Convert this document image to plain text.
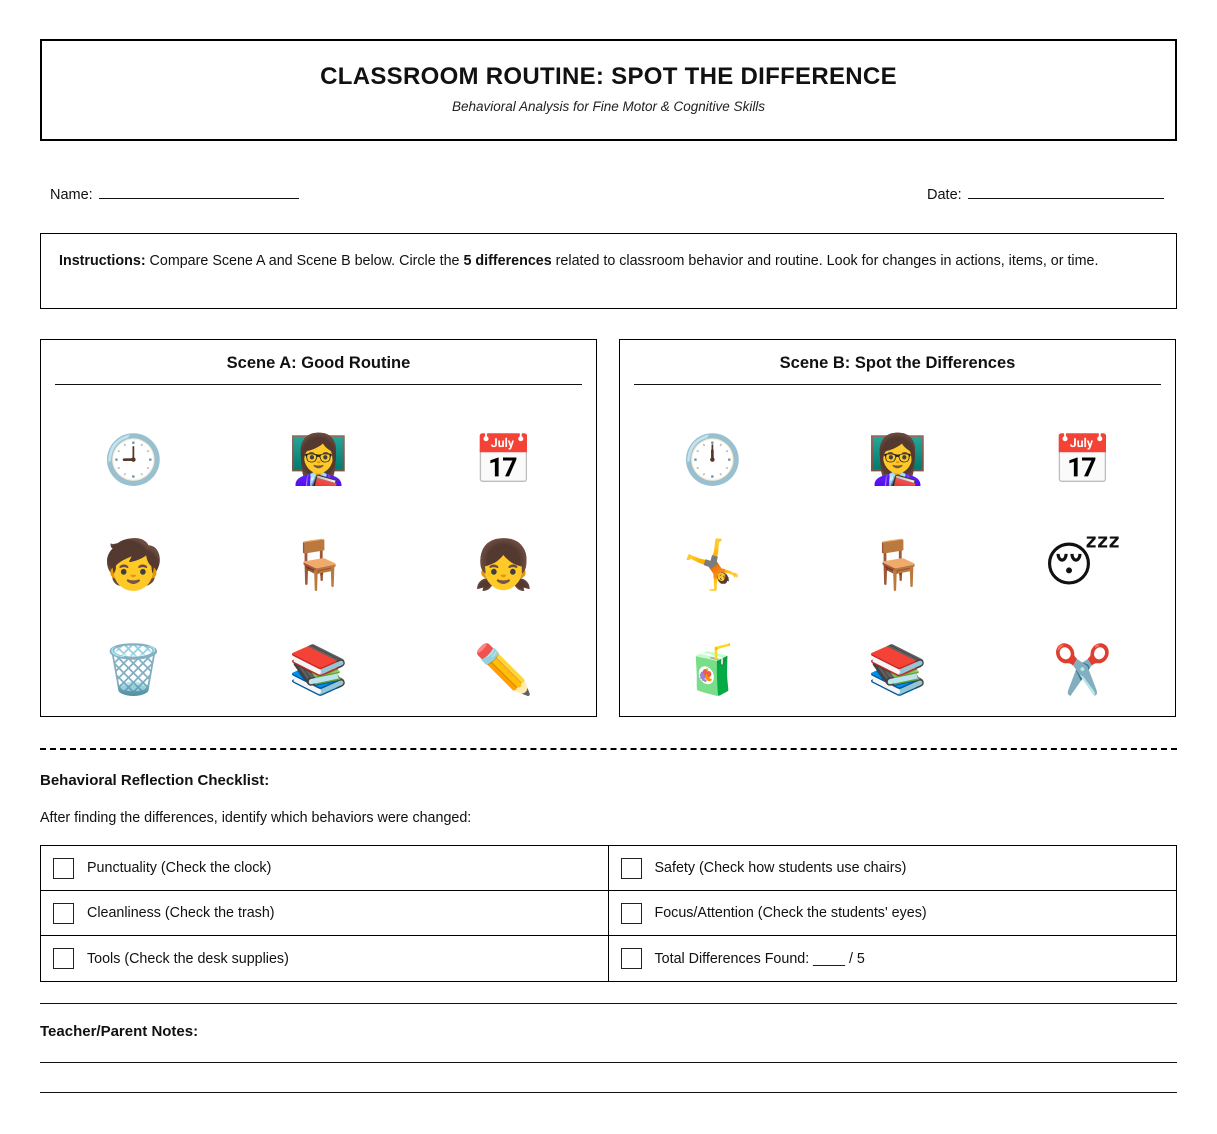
CLASSROOM ROUTINE: SPOT THE DIFFERENCE
Behavioral Analysis for Fine Motor & Cognitive Skills
Name:	Date:
Instructions: Compare Scene A and Scene B below. Circle the 5 differences related to classroom behavior and routine. Look for changes in actions, items, or time.
Scene A: Good Routine
🕘	👩‍🏫	📅
🧒	🪑	👧
🗑️	📚	✏️
Scene B: Spot the Differences
🕛	👩‍🏫	📅
🤸	🪑 😴
🧃	📚	✂️
Behavioral Reflection Checklist:
After finding the differences, identify which behaviors were changed:
Punctuality (Check the clock)	Safety (Check how students use chairs)
Cleanliness (Check the trash)	Focus/Attention (Check the students' eyes)
Tools (Check the desk supplies)	Total Differences Found: ____ / 5
Teacher/Parent Notes:
